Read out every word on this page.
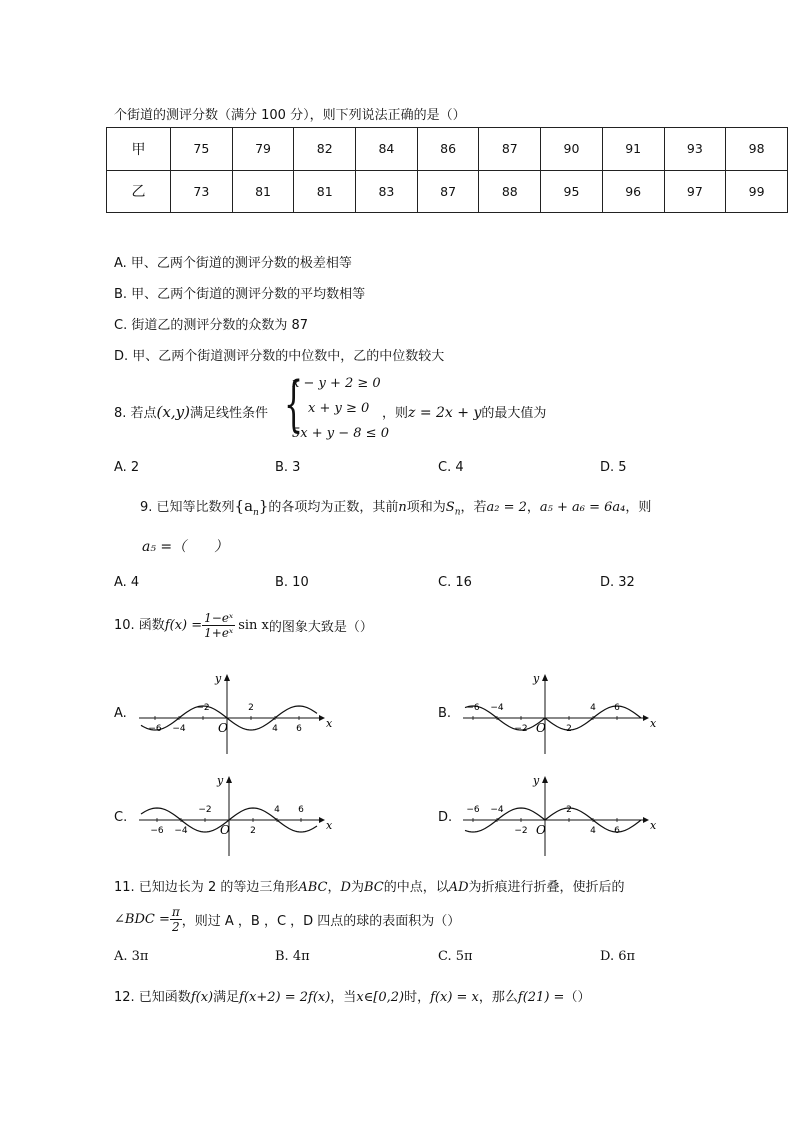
个街道的测评分数（满分 100 分），则下列说法正确的是（）
甲	75	79	82	84	86	87	90	91	93	98
乙	73	81	81	83	87	88	95	96	97	99
A. 甲、乙两个街道的测评分数的极差相等
B. 甲、乙两个街道的测评分数的平均数相等
C. 街道乙的测评分数的众数为 87
D. 甲、乙两个街道测评分数的中位数中，乙的中位数较大
8. 若点(x,y)满足线性条件 {
x − y + 2 ≥ 0
x + y ≥ 0
5x + y − 8 ≤ 0
，则z = 2x + y的最大值为
A. 2	B. 3	C. 4	D. 5
9. 已知等比数列$\{a_n\}$的各项均为正数，其前n项和为$S_n$，若a₂ = 2，a₅ + a₆ = 6a₄，则
a₅ =（　　）
A. 4	B. 10	C. 16	D. 32
10. 函数$f(x) = \frac{\text{1−eˣ}}{\text{1+eˣ}}$ sin x的图象大致是（）
A.	B.
C.	D.
−6 −4
−2	2
4 6
O	x
y
−6 −4
−2	2
4 6
O	x
y
−6 −4
−2
2
4 6
O	x
y
−6 −4
−2
2
4 6
O	x
y
11. 已知边长为 2 的等边三角形ABC，D为BC的中点，以AD为折痕进行折叠，使折后的
∠BDC = $\frac{\pi}{2}$ ，则过 A ，B ，C ，D 四点的球的表面积为（）
A. 3π	B. 4π	C. 5π	D. 6π
12. 已知函数f(x)满足f(x+2) = 2f(x)，当x∈[0,2)时，f(x) = x，那么f(21) =（）
